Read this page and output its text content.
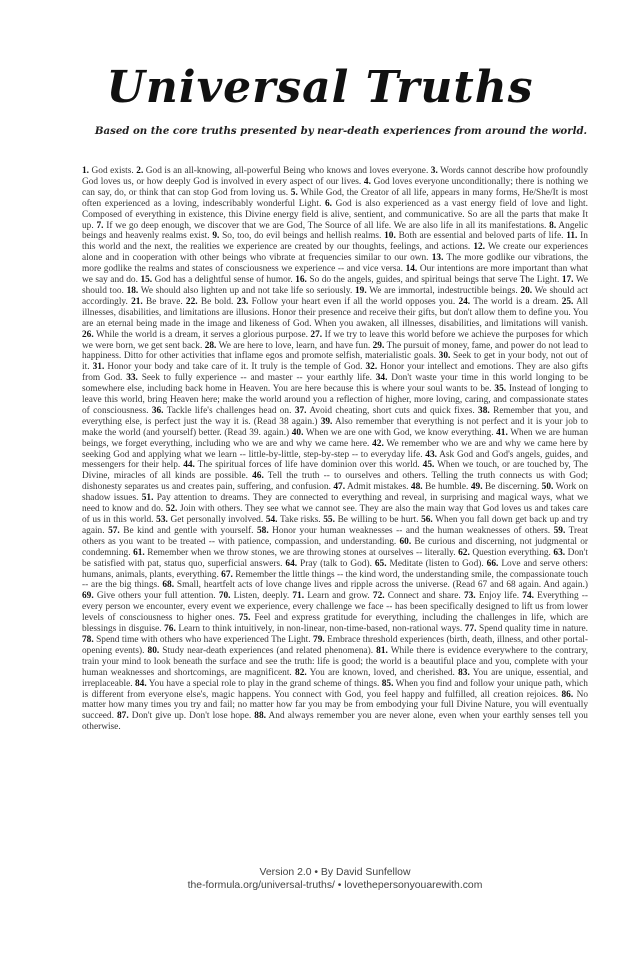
Universal Truths
Based on the core truths presented by near-death experiences from around the world.
1. God exists. 2. God is an all-knowing, all-powerful Being who knows and loves everyone. 3. Words cannot describe how profoundly God loves us, or how deeply God is involved in every aspect of our lives. 4. God loves everyone unconditionally; there is nothing we can say, do, or think that can stop God from loving us. 5. While God, the Creator of all life, appears in many forms, He/She/It is most often experienced as a loving, indescribably wonderful Light. 6. God is also experienced as a vast energy field of love and light. Composed of everything in existence, this Divine energy field is alive, sentient, and communicative. So are all the parts that make It up. 7. If we go deep enough, we discover that we are God, The Source of all life. We are also life in all its manifestations. 8. Angelic beings and heavenly realms exist. 9. So, too, do evil beings and hellish realms. 10. Both are essential and beloved parts of life. 11. In this world and the next, the realities we experience are created by our thoughts, feelings, and actions. 12. We create our experiences alone and in cooperation with other beings who vibrate at frequencies similar to our own. 13. The more godlike our vibrations, the more godlike the realms and states of consciousness we experience -- and vice versa. 14. Our intentions are more important than what we say and do. 15. God has a delightful sense of humor. 16. So do the angels, guides, and spiritual beings that serve The Light. 17. We should too. 18. We should also lighten up and not take life so seriously. 19. We are immortal, indestructible beings. 20. We should act accordingly. 21. Be brave. 22. Be bold. 23. Follow your heart even if all the world opposes you. 24. The world is a dream. 25. All illnesses, disabilities, and limitations are illusions. Honor their presence and receive their gifts, but don't allow them to define you. You are an eternal being made in the image and likeness of God. When you awaken, all illnesses, disabilities, and limitations will vanish. 26. While the world is a dream, it serves a glorious purpose. 27. If we try to leave this world before we achieve the purposes for which we were born, we get sent back. 28. We are here to love, learn, and have fun. 29. The pursuit of money, fame, and power do not lead to happiness. Ditto for other activities that inflame egos and promote selfish, materialistic goals. 30. Seek to get in your body, not out of it. 31. Honor your body and take care of it. It truly is the temple of God. 32. Honor your intellect and emotions. They are also gifts from God. 33. Seek to fully experience -- and master -- your earthly life. 34. Don't waste your time in this world longing to be somewhere else, including back home in Heaven. You are here because this is where your soul wants to be. 35. Instead of longing to leave this world, bring Heaven here; make the world around you a reflection of higher, more loving, caring, and compassionate states of consciousness. 36. Tackle life's challenges head on. 37. Avoid cheating, short cuts and quick fixes. 38. Remember that you, and everything else, is perfect just the way it is. (Read 38 again.) 39. Also remember that everything is not perfect and it is your job to make the world (and yourself) better. (Read 39. again.) 40. When we are one with God, we know everything. 41. When we are human beings, we forget everything, including who we are and why we came here. 42. We remember who we are and why we came here by seeking God and applying what we learn -- little-by-little, step-by-step -- to everyday life. 43. Ask God and God's angels, guides, and messengers for their help. 44. The spiritual forces of life have dominion over this world. 45. When we touch, or are touched by, The Divine, miracles of all kinds are possible. 46. Tell the truth -- to ourselves and others. Telling the truth connects us with God; dishonesty separates us and creates pain, suffering, and confusion. 47. Admit mistakes. 48. Be humble. 49. Be discerning. 50. Work on shadow issues. 51. Pay attention to dreams. They are connected to everything and reveal, in surprising and magical ways, what we need to know and do. 52. Join with others. They see what we cannot see. They are also the main way that God loves us and takes care of us in this world. 53. Get personally involved. 54. Take risks. 55. Be willing to be hurt. 56. When you fall down get back up and try again. 57. Be kind and gentle with yourself. 58. Honor your human weaknesses -- and the human weaknesses of others. 59. Treat others as you want to be treated -- with patience, compassion, and understanding. 60. Be curious and discerning, not judgmental or condemning. 61. Remember when we throw stones, we are throwing stones at ourselves -- literally. 62. Question everything. 63. Don't be satisfied with pat, status quo, superficial answers. 64. Pray (talk to God). 65. Meditate (listen to God). 66. Love and serve others: humans, animals, plants, everything. 67. Remember the little things -- the kind word, the understanding smile, the compassionate touch -- are the big things. 68. Small, heartfelt acts of love change lives and ripple across the universe. (Read 67 and 68 again. And again.) 69. Give others your full attention. 70. Listen, deeply. 71. Learn and grow. 72. Connect and share. 73. Enjoy life. 74. Everything -- every person we encounter, every event we experience, every challenge we face -- has been specifically designed to lift us from lower levels of consciousness to higher ones. 75. Feel and express gratitude for everything, including the challenges in life, which are blessings in disguise. 76. Learn to think intuitively, in non-linear, non-time-based, non-rational ways. 77. Spend quality time in nature. 78. Spend time with others who have experienced The Light. 79. Embrace threshold experiences (birth, death, illness, and other portal-opening events). 80. Study near-death experiences (and related phenomena). 81. While there is evidence everywhere to the contrary, train your mind to look beneath the surface and see the truth: life is good; the world is a beautiful place and you, complete with your human weaknesses and shortcomings, are magnificent. 82. You are known, loved, and cherished. 83. You are unique, essential, and irreplaceable. 84. You have a special role to play in the grand scheme of things. 85. When you find and follow your unique path, which is different from everyone else's, magic happens. You connect with God, you feel happy and fulfilled, all creation rejoices. 86. No matter how many times you try and fail; no matter how far you may be from embodying your full Divine Nature, you will eventually succeed. 87. Don't give up. Don't lose hope. 88. And always remember you are never alone, even when your earthly senses tell you otherwise.
Version 2.0 • By David Sunfellow
the-formula.org/universal-truths/ • lovethepersonyouarewith.com
